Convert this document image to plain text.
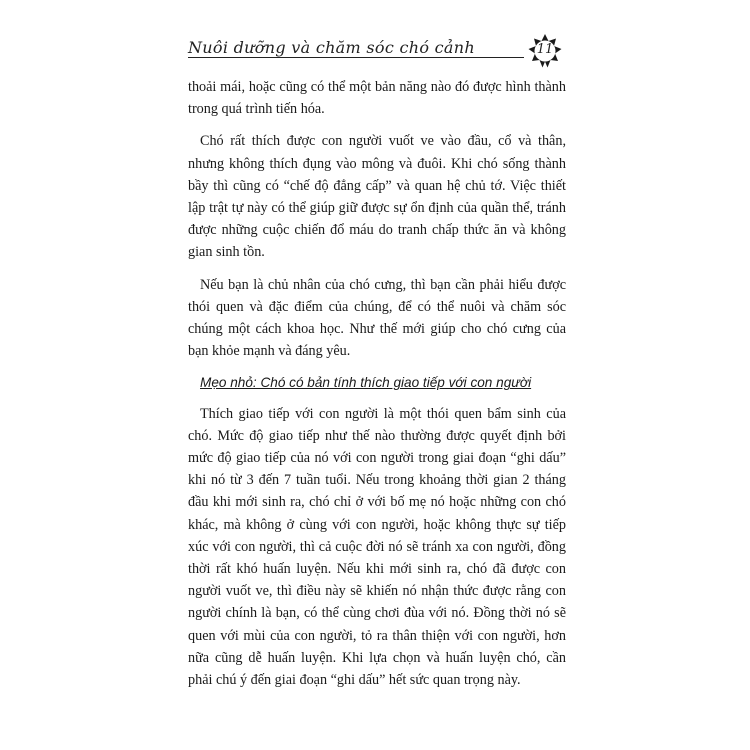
Nuôi dưỡng và chăm sóc chó cảnh	11

thoải mái, hoặc cũng có thể một bản năng nào đó được hình thành trong quá trình tiến hóa.

Chó rất thích được con người vuốt ve vào đầu, cổ và thân, nhưng không thích đụng vào mông và đuôi. Khi chó sống thành bầy thì cũng có “chế độ đẳng cấp” và quan hệ chủ tớ. Việc thiết lập trật tự này có thể giúp giữ được sự ổn định của quần thể, tránh được những cuộc chiến đổ máu do tranh chấp thức ăn và không gian sinh tồn.

Nếu bạn là chủ nhân của chó cưng, thì bạn cần phải hiểu được thói quen và đặc điểm của chúng, để có thể nuôi và chăm sóc chúng một cách khoa học. Như thế mới giúp cho chó cưng của bạn khỏe mạnh và đáng yêu.

Mẹo nhỏ: Chó có bản tính thích giao tiếp với con người

Thích giao tiếp với con người là một thói quen bẩm sinh của chó. Mức độ giao tiếp như thế nào thường được quyết định bởi mức độ giao tiếp của nó với con người trong giai đoạn “ghi dấu” khi nó từ 3 đến 7 tuần tuổi. Nếu trong khoảng thời gian 2 tháng đầu khi mới sinh ra, chó chỉ ở với bố mẹ nó hoặc những con chó khác, mà không ở cùng với con người, hoặc không thực sự tiếp xúc với con người, thì cả cuộc đời nó sẽ tránh xa con người, đồng thời rất khó huấn luyện. Nếu khi mới sinh ra, chó đã được con người vuốt ve, thì điều này sẽ khiến nó nhận thức được rằng con người chính là bạn, có thể cùng chơi đùa với nó. Đồng thời nó sẽ quen với mùi của con người, tỏ ra thân thiện với con người, hơn nữa cũng dễ huấn luyện. Khi lựa chọn và huấn luyện chó, cần phải chú ý đến giai đoạn “ghi dấu” hết sức quan trọng này.
